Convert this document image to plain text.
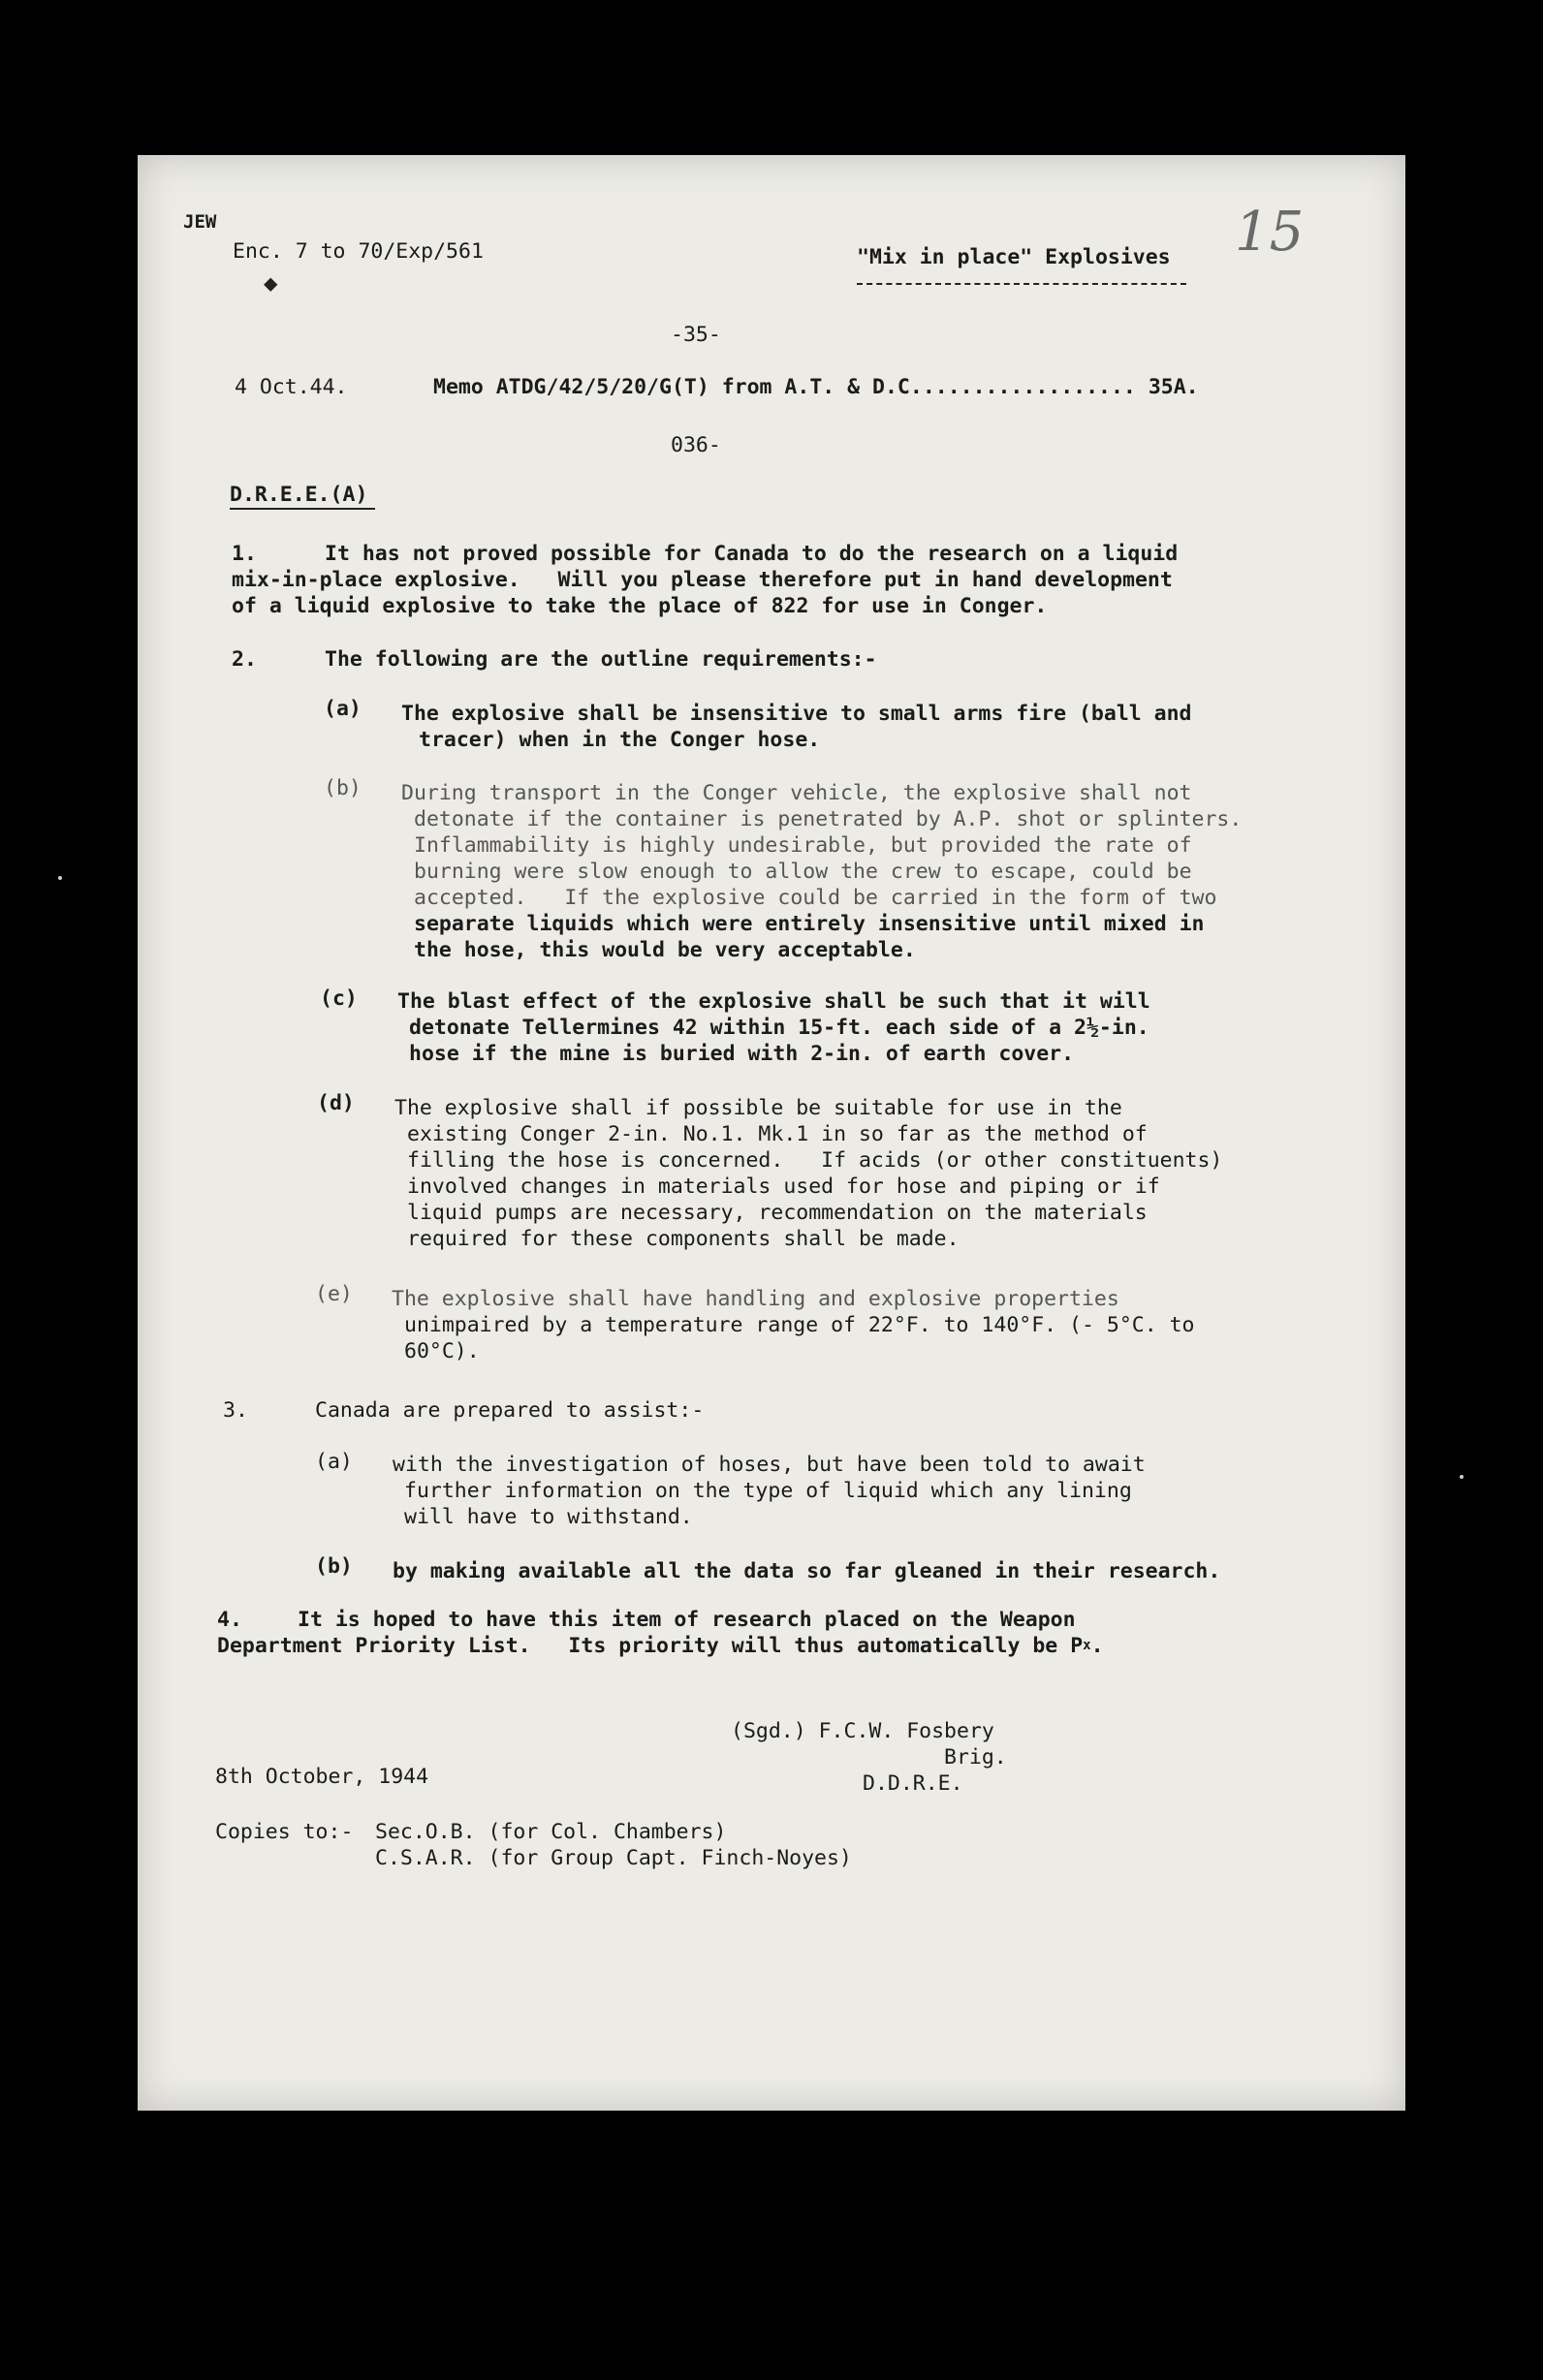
JEW
Enc. 7 to 70/Exp/561
◆
"Mix in place" Explosives 15
-35-
4 Oct.44.	Memo ATDG/42/5/20/G(T) from A.T. & D.C.................. 35A.
036-
D.R.E.E.(A)
1.	It has not proved possible for Canada to do the research on a liquid
mix-in-place explosive.   Will you please therefore put in hand development
of a liquid explosive to take the place of 822 for use in Conger.
2.	The following are the outline requirements:-
(a) The explosive shall be insensitive to small arms fire (ball and
tracer) when in the Conger hose.
(b) During transport in the Conger vehicle, the explosive shall not
detonate if the container is penetrated by A.P. shot or splinters.
Inflammability is highly undesirable, but provided the rate of
burning were slow enough to allow the crew to escape, could be
accepted.   If the explosive could be carried in the form of two
separate liquids which were entirely insensitive until mixed in
the hose, this would be very acceptable.
(c) The blast effect of the explosive shall be such that it will
detonate Tellermines 42 within 15-ft. each side of a 2½-in.
hose if the mine is buried with 2-in. of earth cover.
(d) The explosive shall if possible be suitable for use in the
existing Conger 2-in. No.1. Mk.1 in so far as the method of
filling the hose is concerned.   If acids (or other constituents)
involved changes in materials used for hose and piping or if
liquid pumps are necessary, recommendation on the materials
required for these components shall be made.
(e) The explosive shall have handling and explosive properties
unimpaired by a temperature range of 22°F. to 140°F. (- 5°C. to
60°C).
3.	Canada are prepared to assist:-
(a) with the investigation of hoses, but have been told to await
further information on the type of liquid which any lining
will have to withstand.
(b) by making available all the data so far gleaned in their research.
4.	It is hoped to have this item of research placed on the Weapon
Department Priority List.   Its priority will thus automatically be $P^x$.
(Sgd.) F.C.W. Fosbery
Brig.
D.D.R.E.
8th October, 1944
Copies to:- Sec.O.B. (for Col. Chambers)
C.S.A.R. (for Group Capt. Finch-Noyes)
